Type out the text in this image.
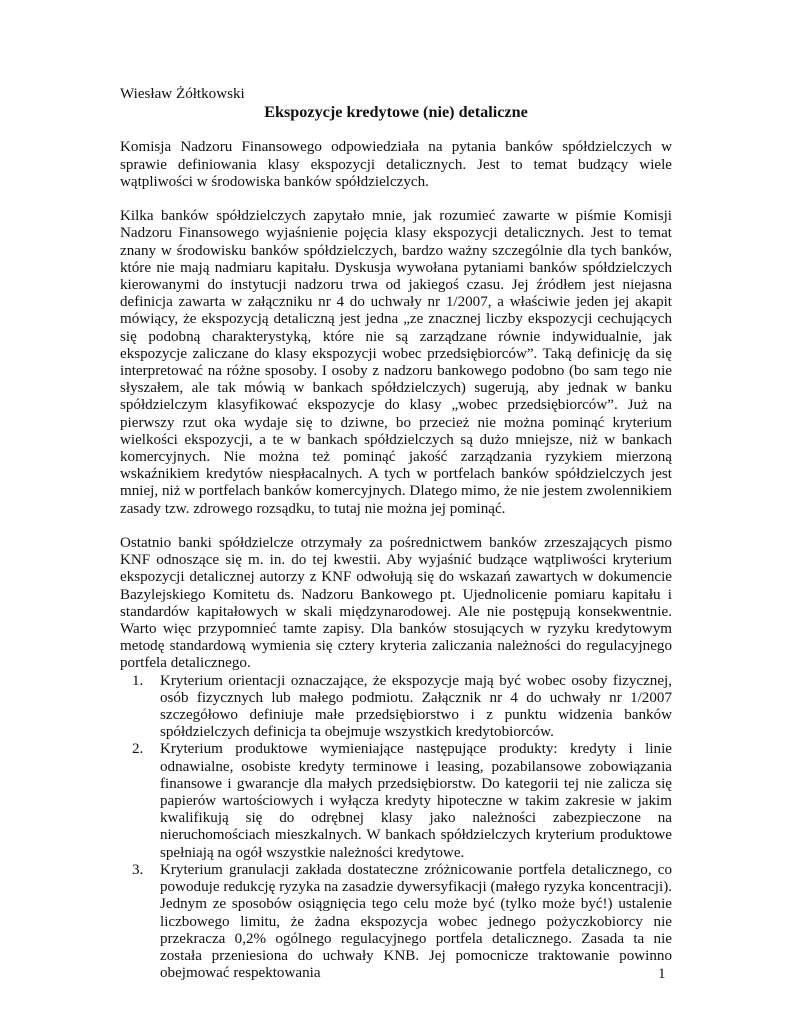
Wiesław Żółtkowski

Ekspozycje kredytowe (nie) detaliczne

Komisja Nadzoru Finansowego odpowiedziała na pytania banków spółdzielczych w sprawie definiowania klasy ekspozycji detalicznych. Jest to temat budzący wiele wątpliwości w środowiska banków spółdzielczych.

Kilka banków spółdzielczych zapytało mnie, jak rozumieć zawarte w piśmie Komisji Nadzoru Finansowego wyjaśnienie pojęcia klasy ekspozycji detalicznych. Jest to temat znany w środowisku banków spółdzielczych, bardzo ważny szczególnie dla tych banków, które nie mają nadmiaru kapitału. Dyskusja wywołana pytaniami banków spółdzielczych kierowanymi do instytucji nadzoru trwa od jakiegoś czasu. Jej źródłem jest niejasna definicja zawarta w załączniku nr 4 do uchwały nr 1/2007, a właściwie jeden jej akapit mówiący, że ekspozycją detaliczną jest jedna „ze znacznej liczby ekspozycji cechujących się podobną charakterystyką, które nie są zarządzane równie indywidualnie, jak ekspozycje zaliczane do klasy ekspozycji wobec przedsiębiorców”. Taką definicję da się interpretować na różne sposoby. I osoby z nadzoru bankowego podobno (bo sam tego nie słyszałem, ale tak mówią w bankach spółdzielczych) sugerują, aby jednak w banku spółdzielczym klasyfikować ekspozycje do klasy „wobec przedsiębiorców”. Już na pierwszy rzut oka wydaje się to dziwne, bo przecież nie można pominąć kryterium wielkości ekspozycji, a te w bankach spółdzielczych są dużo mniejsze, niż w bankach komercyjnych. Nie można też pominąć jakość zarządzania ryzykiem mierzoną wskaźnikiem kredytów niespłacalnych. A tych w portfelach banków spółdzielczych jest mniej, niż w portfelach banków komercyjnych. Dlatego mimo, że nie jestem zwolennikiem zasady tzw. zdrowego rozsądku, to tutaj nie można jej pominąć.

Ostatnio banki spółdzielcze otrzymały za pośrednictwem banków zrzeszających pismo KNF odnoszące się m. in. do tej kwestii. Aby wyjaśnić budzące wątpliwości kryterium ekspozycji detalicznej autorzy z KNF odwołują się do wskazań zawartych w dokumencie Bazylejskiego Komitetu ds. Nadzoru Bankowego pt. Ujednolicenie pomiaru kapitału i standardów kapitałowych w skali międzynarodowej. Ale nie postępują konsekwentnie. Warto więc przypomnieć tamte zapisy. Dla banków stosujących w ryzyku kredytowym metodę standardową wymienia się cztery kryteria zaliczania należności do regulacyjnego portfela detalicznego.

1. Kryterium orientacji oznaczające, że ekspozycje mają być wobec osoby fizycznej, osób fizycznych lub małego podmiotu. Załącznik nr 4 do uchwały nr 1/2007 szczegółowo definiuje małe przedsiębiorstwo i z punktu widzenia banków spółdzielczych definicja ta obejmuje wszystkich kredytobiorców.
2. Kryterium produktowe wymieniające następujące produkty: kredyty i linie odnawialne, osobiste kredyty terminowe i leasing, pozabilansowe zobowiązania finansowe i gwarancje dla małych przedsiębiorstw. Do kategorii tej nie zalicza się papierów wartościowych i wyłącza kredyty hipoteczne w takim zakresie w jakim kwalifikują się do odrębnej klasy jako należności zabezpieczone na nieruchomościach mieszkalnych. W bankach spółdzielczych kryterium produktowe spełniają na ogół wszystkie należności kredytowe.
3. Kryterium granulacji zakłada dostateczne zróżnicowanie portfela detalicznego, co powoduje redukcję ryzyka na zasadzie dywersyfikacji (małego ryzyka koncentracji). Jednym ze sposobów osiągnięcia tego celu może być (tylko może być!) ustalenie liczbowego limitu, że żadna ekspozycja wobec jednego pożyczkobiorcy nie przekracza 0,2% ogólnego regulacyjnego portfela detalicznego. Zasada ta nie została przeniesiona do uchwały KNB. Jej pomocnicze traktowanie powinno obejmować respektowania	1
